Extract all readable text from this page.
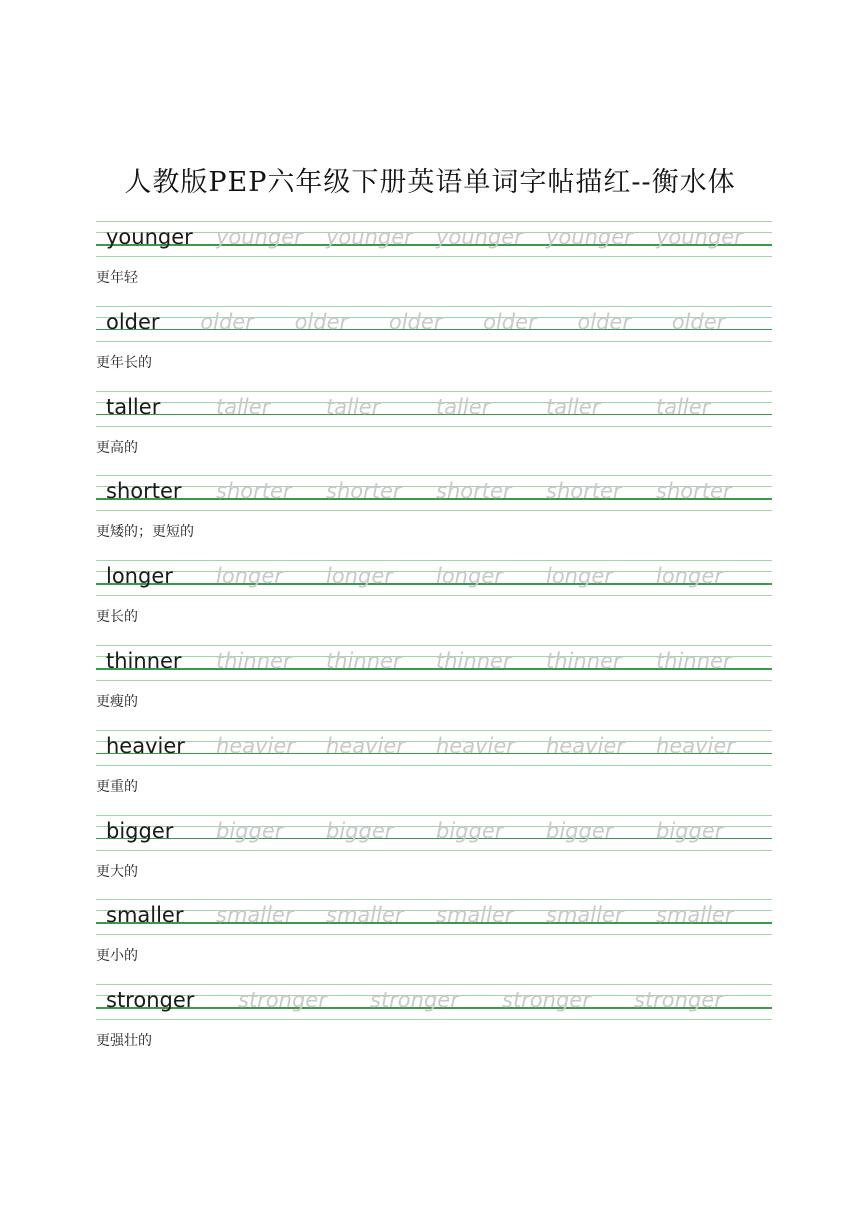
人教版PEP六年级下册英语单词字帖描红--衡水体
younger younger younger younger younger younger
更年轻
older older older older older older older
更年长的
taller	taller	taller	taller	taller	taller
更高的
shorter shorter shorter shorter shorter shorter
更矮的；更短的
longer longer longer longer longer longer
更长的
thinner thinner thinner thinner thinner thinner
更瘦的
heavier heavier heavier heavier heavier heavier
更重的
bigger bigger bigger bigger bigger bigger
更大的
smaller smaller smaller smaller smaller smaller
更小的
stronger stronger stronger stronger stronger
更强壮的
